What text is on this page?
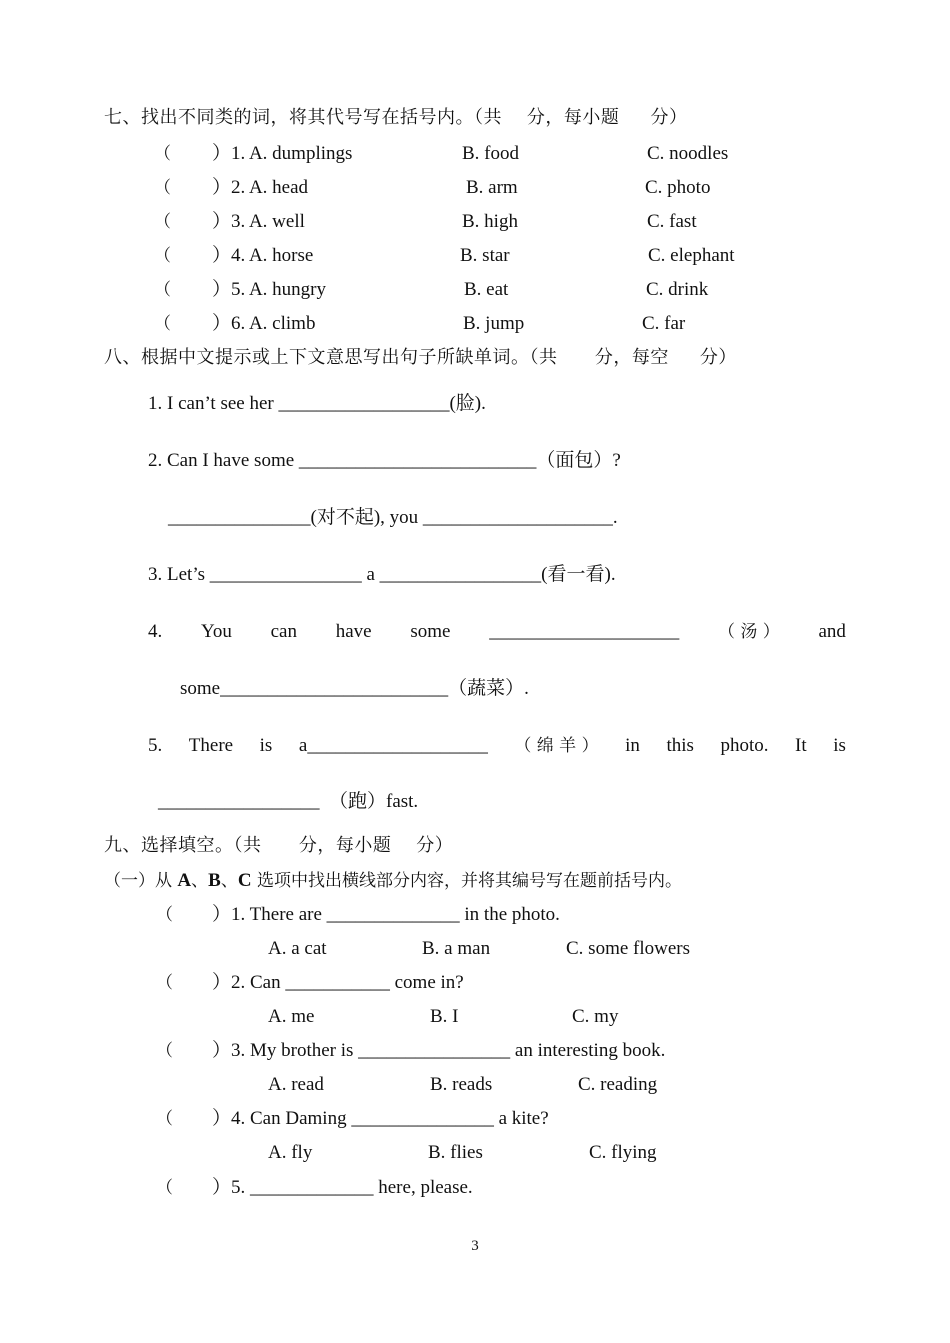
七、找出不同类的词，将其代号写在括号内。（共    分，每小题     分）
（ ）1. A. dumplings	B. food	C. noodles
（ ）2. A. head	B. arm	C. photo
（ ）3. A. well	B. high	C. fast
（ ）4. A. horse	B. star	C. elephant
（ ）5. A. hungry	B. eat	C. drink
（ ）6. A. climb	B. jump	C. far
八、根据中文提示或上下文意思写出句子所缺单词。（共      分，每空     分）
1. I can’t see her __________________(脸).
2. Can I have some _________________________（面包）?
_______________(对不起), you ____________________.
3. Let’s ________________ a _________________(看一看).
4. You can have some ____________________ （ 汤 ） and
some________________________（蔬菜）.
5. There is a___________________ （ 绵 羊 ） in this photo. It is
_________________  （跑）fast.
九、选择填空。（共      分，每小题    分）
（一）从 A、B、C 选项中找出横线部分内容，并将其编号写在题前括号内。
（ ）1. There are ______________ in the photo.
A. a cat	B. a man	C. some flowers
（ ）2. Can ___________ come in?
A. me	B. I	C. my
（ ）3. My brother is ________________ an interesting book.
A. read	B. reads	C. reading
（ ）4. Can Daming _______________ a kite?
A. fly	B. flies	C. flying
（ ）5. _____________ here, please.
3
